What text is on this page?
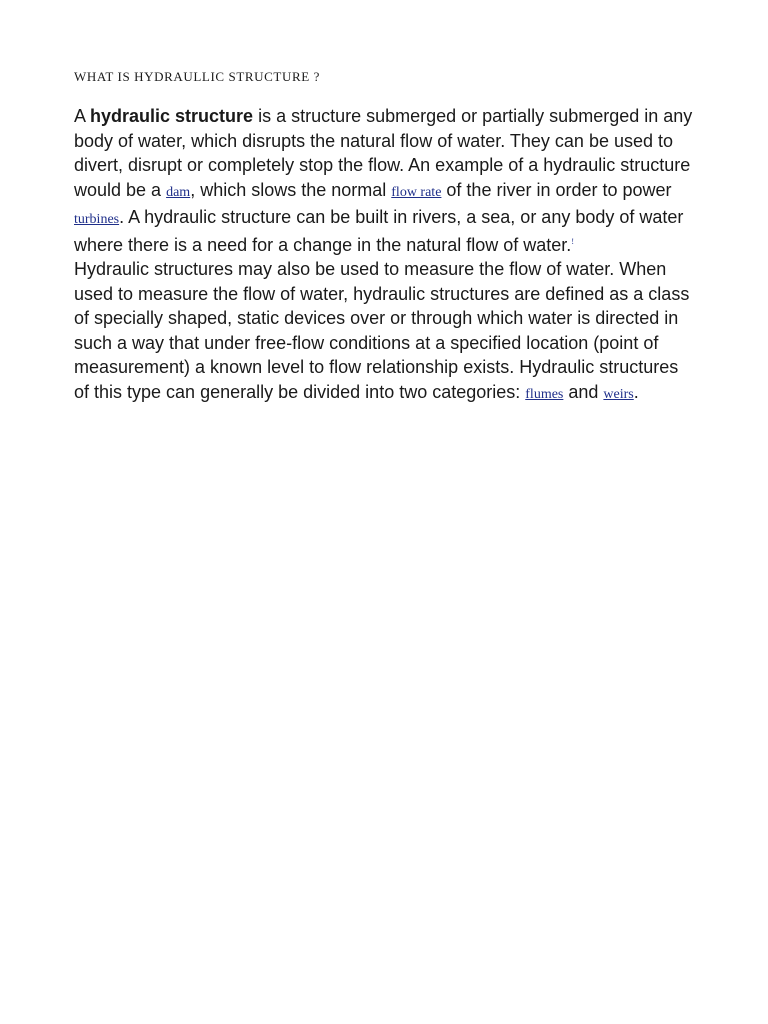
WHAT IS HYDRAULLIC STRUCTURE ?

A hydraulic structure is a structure submerged or partially submerged in any body of water, which disrupts the natural flow of water. They can be used to divert, disrupt or completely stop the flow. An example of a hydraulic structure would be a dam, which slows the normal flow rate of the river in order to power turbines. A hydraulic structure can be built in rivers, a sea, or any body of water where there is a need for a change in the natural flow of water.!

Hydraulic structures may also be used to measure the flow of water. When used to measure the flow of water, hydraulic structures are defined as a class of specially shaped, static devices over or through which water is directed in such a way that under free-flow conditions at a specified location (point of measurement) a known level to flow relationship exists. Hydraulic structures of this type can generally be divided into two categories: flumes and weirs.
